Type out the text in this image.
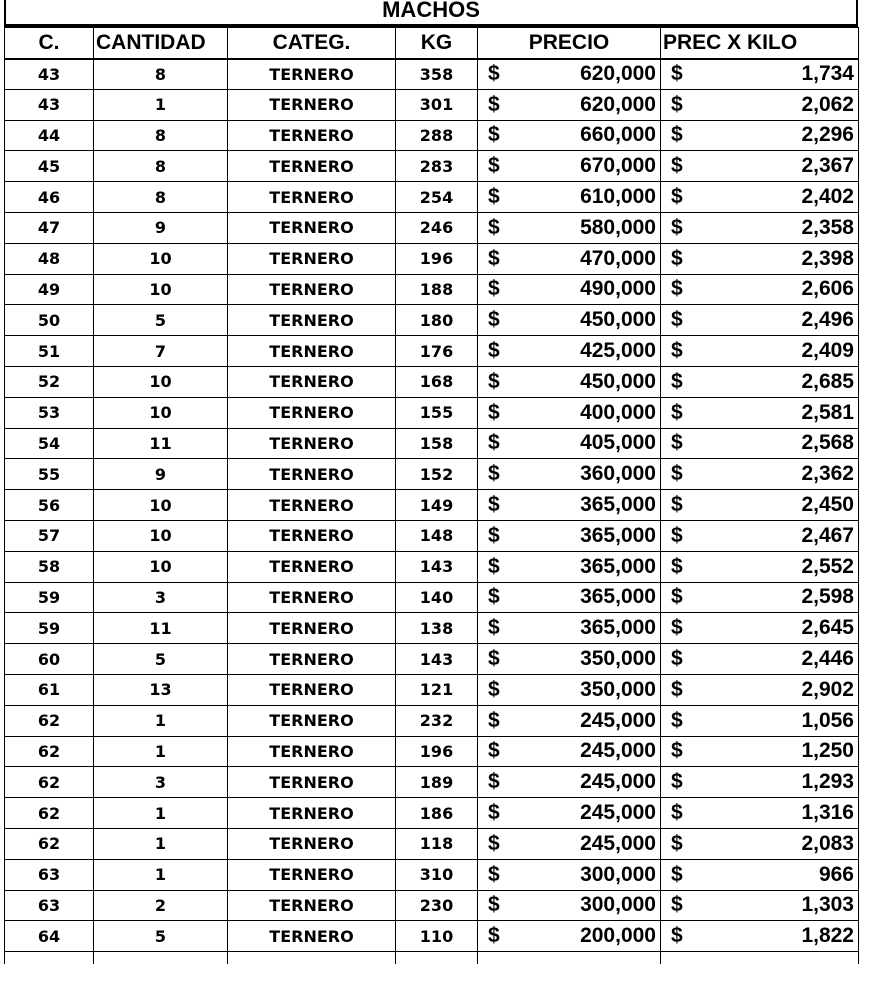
MACHOS
C.	CANTIDAD	CATEG.	KG	PRECIO	PREC X KILO
43	8	TERNERO	358	$ 620,000	$ 1,734

43	1	TERNERO	301	$ 620,000	$ 2,062

44	8	TERNERO	288	$ 660,000	$ 2,296

45	8	TERNERO	283	$ 670,000	$ 2,367

46	8	TERNERO	254	$ 610,000	$ 2,402

47	9	TERNERO	246	$ 580,000	$ 2,358

48	10	TERNERO	196	$ 470,000	$ 2,398

49	10	TERNERO	188	$ 490,000	$ 2,606

50	5	TERNERO	180	$ 450,000	$ 2,496

51	7	TERNERO	176	$ 425,000	$ 2,409

52	10	TERNERO	168	$ 450,000	$ 2,685

53	10	TERNERO	155	$ 400,000	$ 2,581

54	11	TERNERO	158	$ 405,000	$ 2,568

55	9	TERNERO	152	$ 360,000	$ 2,362

56	10	TERNERO	149	$ 365,000	$ 2,450

57	10	TERNERO	148	$ 365,000	$ 2,467

58	10	TERNERO	143	$ 365,000	$ 2,552

59	3	TERNERO	140	$ 365,000	$ 2,598

59	11	TERNERO	138	$ 365,000	$ 2,645

60	5	TERNERO	143	$ 350,000	$ 2,446

61	13	TERNERO	121	$ 350,000	$ 2,902

62	1	TERNERO	232	$ 245,000	$ 1,056

62	1	TERNERO	196	$ 245,000	$ 1,250

62	3	TERNERO	189	$ 245,000	$ 1,293

62	1	TERNERO	186	$ 245,000	$ 1,316

62	1	TERNERO	118	$ 245,000	$ 2,083

63	1	TERNERO	310	$ 300,000	$ 966

63	2	TERNERO	230	$ 300,000	$ 1,303

64	5	TERNERO	110	$ 200,000	$ 1,822
